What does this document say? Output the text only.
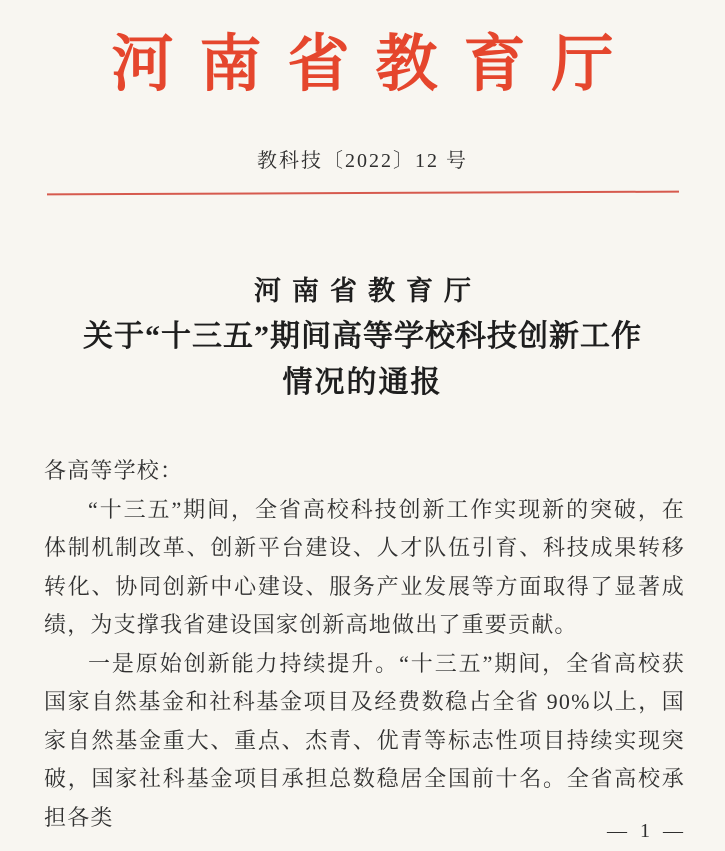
河南省教育厅
教科技〔2022〕12 号
河南省教育厅
关于“十三五”期间高等学校科技创新工作
情况的通报

各高等学校：

“十三五”期间，全省高校科技创新工作实现新的突破，在体制机制改革、创新平台建设、人才队伍引育、科技成果转移转化、协同创新中心建设、服务产业发展等方面取得了显著成绩，为支撑我省建设国家创新高地做出了重要贡献。

一是原始创新能力持续提升。“十三五”期间，全省高校获国家自然基金和社科基金项目及经费数稳占全省 90%以上，国家自然基金重大、重点、杰青、优青等标志性项目持续实现突破，国家社科基金项目承担总数稳居全国前十名。全省高校承担各类

— 1 —
